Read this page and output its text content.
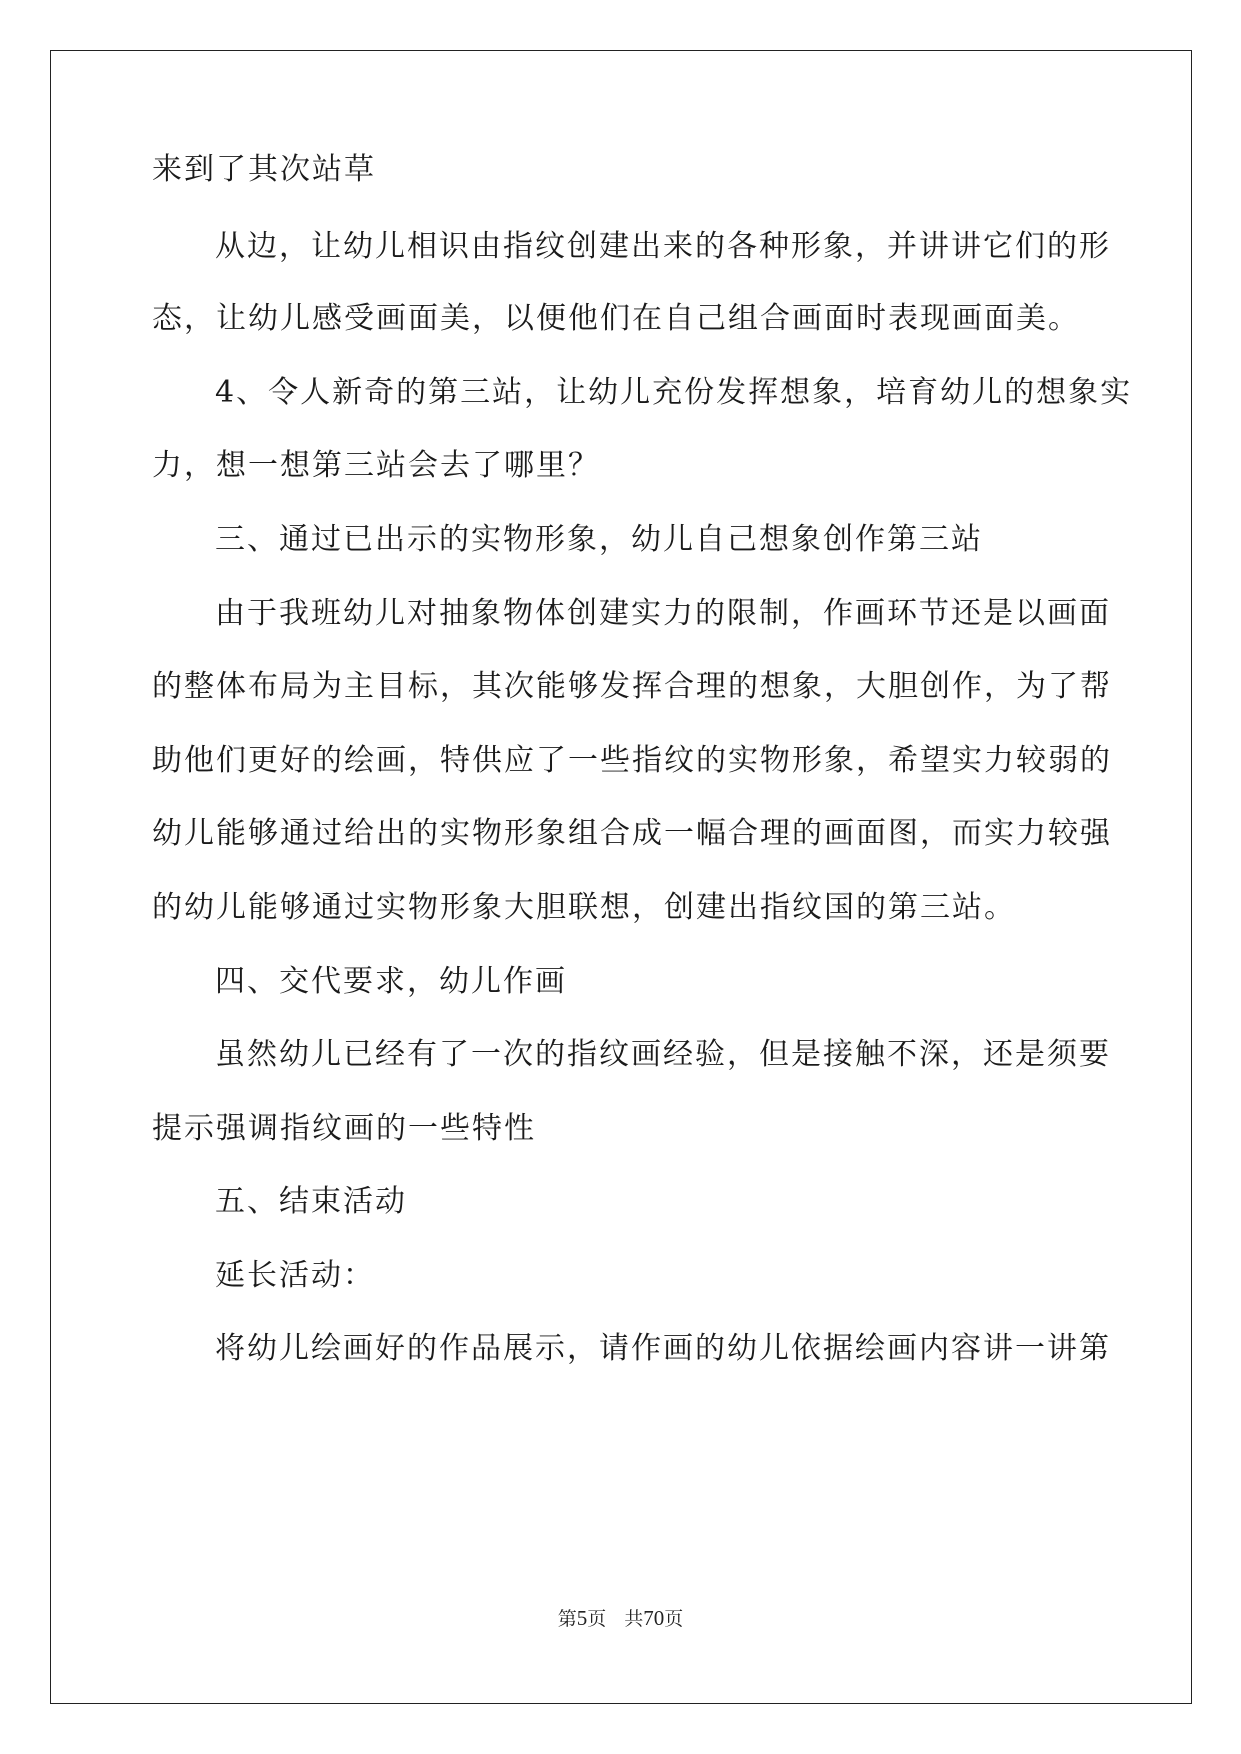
来到了其次站草
从边，让幼儿相识由指纹创建出来的各种形象，并讲讲它们的形
态，让幼儿感受画面美，以便他们在自己组合画面时表现画面美。
4、令人新奇的第三站，让幼儿充份发挥想象，培育幼儿的想象实
力，想一想第三站会去了哪里？
三、通过已出示的实物形象，幼儿自己想象创作第三站
由于我班幼儿对抽象物体创建实力的限制，作画环节还是以画面
的整体布局为主目标，其次能够发挥合理的想象，大胆创作，为了帮
助他们更好的绘画，特供应了一些指纹的实物形象，希望实力较弱的
幼儿能够通过给出的实物形象组合成一幅合理的画面图，而实力较强
的幼儿能够通过实物形象大胆联想，创建出指纹国的第三站。
四、交代要求，幼儿作画
虽然幼儿已经有了一次的指纹画经验，但是接触不深，还是须要
提示强调指纹画的一些特性
五、结束活动
延长活动：
将幼儿绘画好的作品展示，请作画的幼儿依据绘画内容讲一讲第
第5页 共70页
